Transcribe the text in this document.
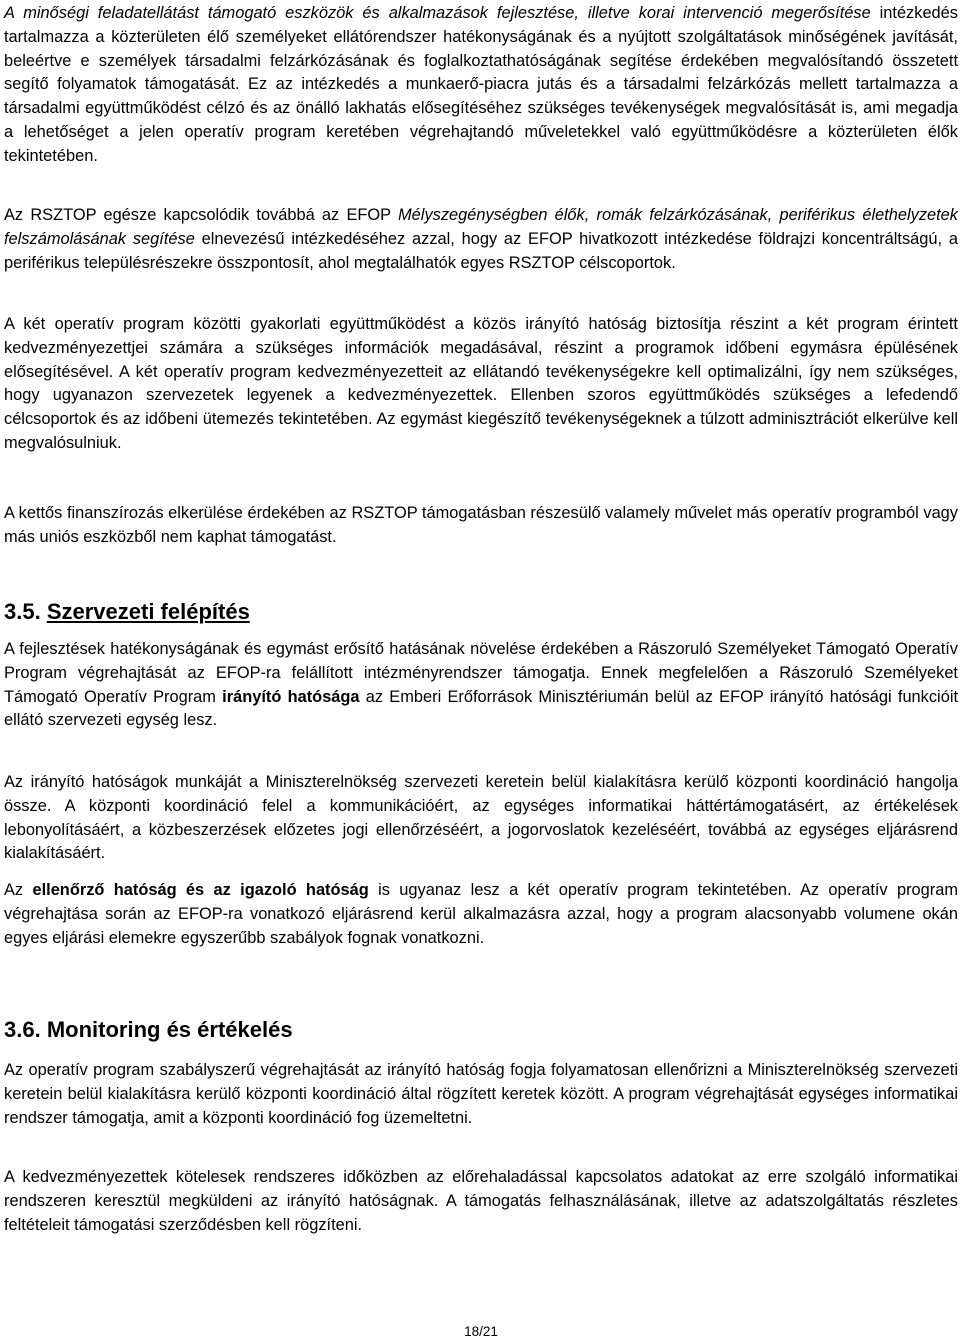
A minőségi feladatellátást támogató eszközök és alkalmazások fejlesztése, illetve korai intervenció megerősítése intézkedés tartalmazza a közterületen élő személyeket ellátórendszer hatékonyságának és a nyújtott szolgáltatások minőségének javítását, beleértve e személyek társadalmi felzárkózásának és foglalkoztathatóságának segítése érdekében megvalósítandó összetett segítő folyamatok támogatását. Ez az intézkedés a munkaerő-piacra jutás és a társadalmi felzárkózás mellett tartalmazza a társadalmi együttműködést célzó és az önálló lakhatás elősegítéséhez szükséges tevékenységek megvalósítását is, ami megadja a lehetőséget a jelen operatív program keretében végrehajtandó műveletekkel való együttműködésre a közterületen élők tekintetében.

Az RSZTOP egésze kapcsolódik továbbá az EFOP Mélyszegénységben élők, romák felzárkózásának, periférikus élethelyzetek felszámolásának segítése elnevezésű intézkedéséhez azzal, hogy az EFOP hivatkozott intézkedése földrajzi koncentráltságú, a periférikus településrészekre összpontosít, ahol megtalálhatók egyes RSZTOP célscoportok.

A két operatív program közötti gyakorlati együttműködést a közös irányító hatóság biztosítja részint a két program érintett kedvezményezettjei számára a szükséges információk megadásával, részint a programok időbeni egymásra épülésének elősegítésével. A két operatív program kedvezményezetteit az ellátandó tevékenységekre kell optimalizálni, így nem szükséges, hogy ugyanazon szervezetek legyenek a kedvezményezettek. Ellenben szoros együttműködés szükséges a lefedendő célcsoportok és az időbeni ütemezés tekintetében. Az egymást kiegészítő tevékenységeknek a túlzott adminisztrációt elkerülve kell megvalósulniuk.

A kettős finanszírozás elkerülése érdekében az RSZTOP támogatásban részesülő valamely művelet más operatív programból vagy más uniós eszközből nem kaphat támogatást.

3.5. Szervezeti felépítés

A fejlesztések hatékonyságának és egymást erősítő hatásának növelése érdekében a Rászoruló Személyeket Támogató Operatív Program végrehajtását az EFOP-ra felállított intézményrendszer támogatja. Ennek megfelelően a Rászoruló Személyeket Támogató Operatív Program irányító hatósága az Emberi Erőforrások Minisztériumán belül az EFOP irányító hatósági funkcióit ellátó szervezeti egység lesz.

Az irányító hatóságok munkáját a Miniszterelnökség szervezeti keretein belül kialakításra kerülő központi koordináció hangolja össze. A központi koordináció felel a kommunikációért, az egységes informatikai háttértámogatásért, az értékelések lebonyolításáért, a közbeszerzések előzetes jogi ellenőrzéséért, a jogorvoslatok kezeléséért, továbbá az egységes eljárásrend kialakításáért.

Az ellenőrző hatóság és az igazoló hatóság is ugyanaz lesz a két operatív program tekintetében. Az operatív program végrehajtása során az EFOP-ra vonatkozó eljárásrend kerül alkalmazásra azzal, hogy a program alacsonyabb volumene okán egyes eljárási elemekre egyszerűbb szabályok fognak vonatkozni.

3.6. Monitoring és értékelés

Az operatív program szabályszerű végrehajtását az irányító hatóság fogja folyamatosan ellenőrizni a Miniszterelnökség szervezeti keretein belül kialakításra kerülő központi koordináció által rögzített keretek között. A program végrehajtását egységes informatikai rendszer támogatja, amit a központi koordináció fog üzemeltetni.

A kedvezményezettek kötelesek rendszeres időközben az előrehaladással kapcsolatos adatokat az erre szolgáló informatikai rendszeren keresztül megküldeni az irányító hatóságnak. A támogatás felhasználásának, illetve az adatszolgáltatás részletes feltételeit támogatási szerződésben kell rögzíteni.

18/21
